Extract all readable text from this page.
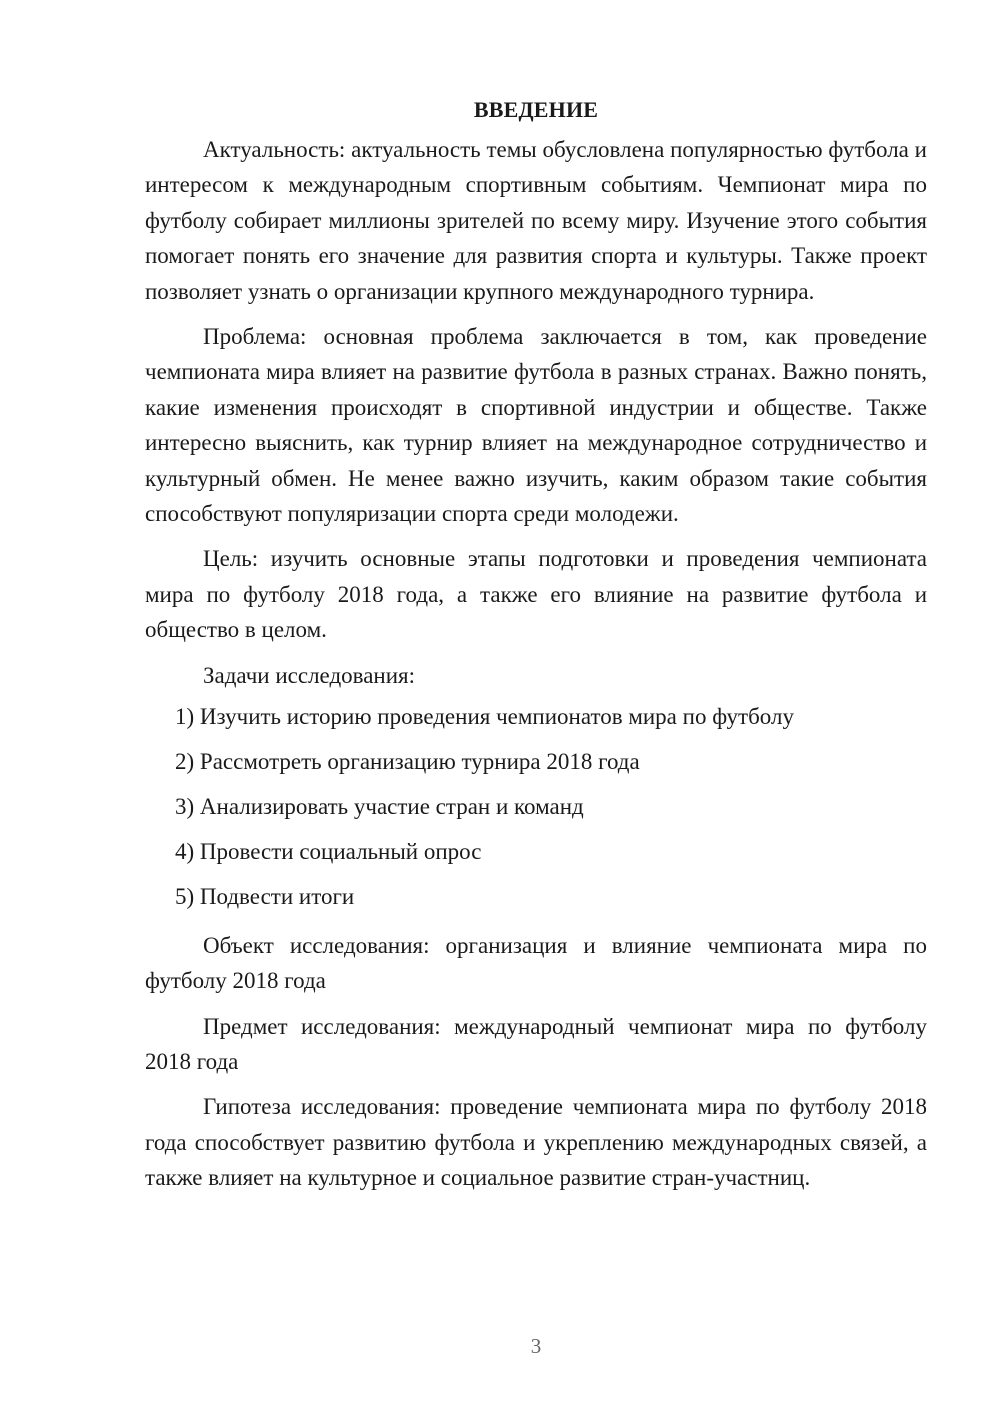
ВВЕДЕНИЕ

Актуальность: актуальность темы обусловлена популярностью футбола и интересом к международным спортивным событиям. Чемпионат мира по футболу собирает миллионы зрителей по всему миру. Изучение этого события помогает понять его значение для развития спорта и культуры. Также проект позволяет узнать о организации крупного международного турнира.

Проблема: основная проблема заключается в том, как проведение чемпионата мира влияет на развитие футбола в разных странах. Важно понять, какие изменения происходят в спортивной индустрии и обществе. Также интересно выяснить, как турнир влияет на международное сотрудничество и культурный обмен. Не менее важно изучить, каким образом такие события способствуют популяризации спорта среди молодежи.

Цель: изучить основные этапы подготовки и проведения чемпионата мира по футболу 2018 года, а также его влияние на развитие футбола и общество в целом.

Задачи исследования:

1) Изучить историю проведения чемпионатов мира по футболу

2) Рассмотреть организацию турнира 2018 года

3) Анализировать участие стран и команд

4) Провести социальный опрос

5) Подвести итоги

Объект исследования: организация и влияние чемпионата мира по футболу 2018 года

Предмет исследования: международный чемпионат мира по футболу 2018 года

Гипотеза исследования: проведение чемпионата мира по футболу 2018 года способствует развитию футбола и укреплению международных связей, а также влияет на культурное и социальное развитие стран-участниц.

3
